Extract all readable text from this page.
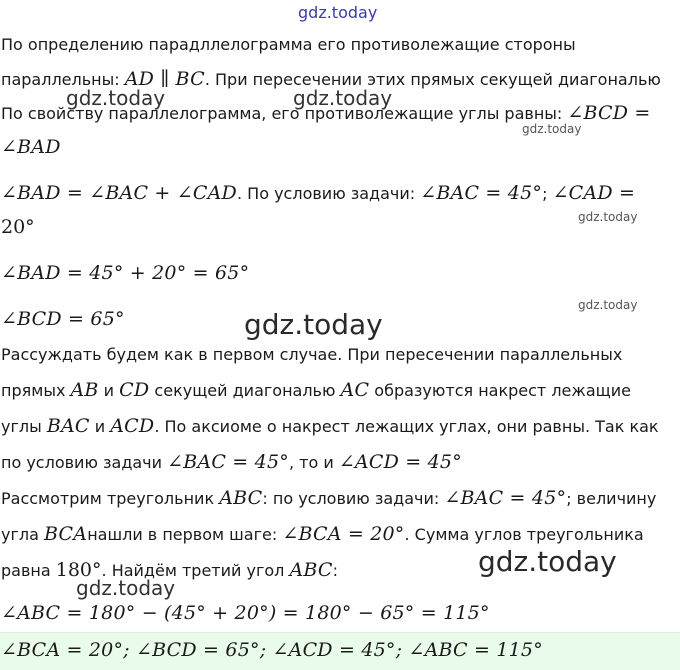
gdz.today
gdz.today	gdz.today
gdz.today
gdz.today
gdz.today
gdz.today
gdz.today
gdz.today
По определению парадллелограмма его противолежащие стороны
параллельны: AD ∥ BC. При пересечении этих прямых секущей диагональю
По свойству параллелограмма, его противолежащие углы равны: ∠BCD =
∠BAD
∠BAD = ∠BAC + ∠CAD. По условию задачи: ∠BAC = 45°; ∠CAD =
20°
∠BAD = 45° + 20° = 65°
∠BCD = 65°
Рассуждать будем как в первом случае. При пересечении параллельных
прямых AB и CD секущей диагональю AC образуются накрест лежащие
углы BAC и ACD. По аксиоме о накрест лежащих углах, они равны. Так как
по условию задачи ∠BAC = 45°, то и ∠ACD = 45°
Рассмотрим треугольник ABC: по условию задачи: ∠BAC = 45°; величину
угла BCAнашли в первом шаге: ∠BCA = 20°. Сумма углов треугольника
равна 180°. Найдём третий угол ABC:
∠ABC = 180° − (45° + 20°) = 180° − 65° = 115°
∠BCA = 20°; ∠BCD = 65°; ∠ACD = 45°; ∠ABC = 115°
